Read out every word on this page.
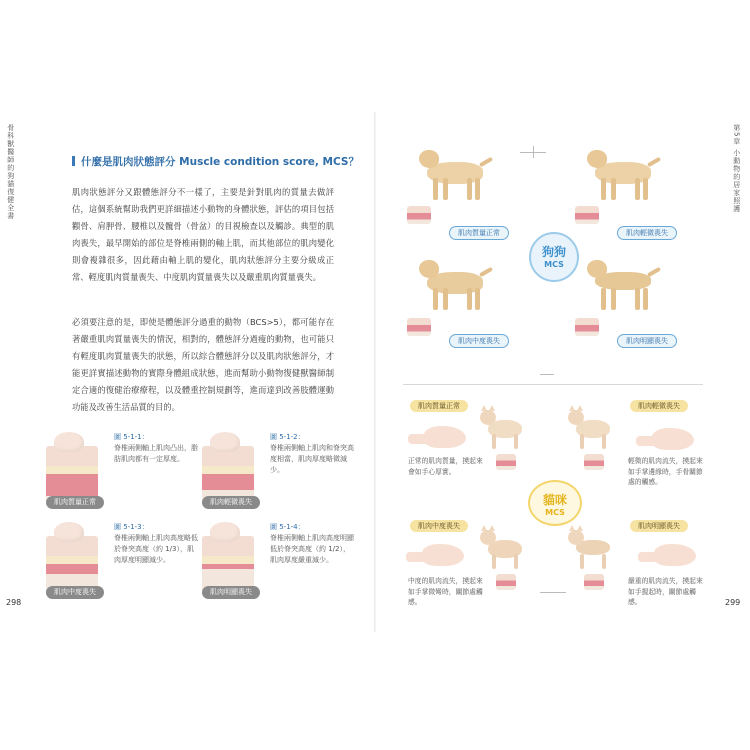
骨科獸醫師的狗貓復健全書
298
什麼是肌肉狀態評分 Muscle condition score, MCS？
肌肉狀態評分又跟體態評分不一樣了，主要是針對肌肉的質量去做評估，這個系統幫助我們更詳細描述小動物的身體狀態，評估的項目包括顴骨、肩胛骨、腰椎以及髖骨（骨盆）的目視檢查以及觸診。典型的肌肉喪失，最早開始的部位是脊椎兩側的軸上肌，而其他部位的肌肉變化則會複雜很多，因此藉由軸上肌的變化，肌肉狀態評分主要分級成正常、輕度肌肉質量喪失、中度肌肉質量喪失以及嚴重肌肉質量喪失。
必須要注意的是，即使是體態評分過重的動物（BCS>5），都可能存在著嚴重肌肉質量喪失的情況，相對的，體態評分過瘦的動物，也可能只有輕度肌肉質量喪失的狀態，所以綜合體態評分以及肌肉狀態評分，才能更詳實描述動物的實際身體組成狀態，進而幫助小動物復健獸醫師制定合適的復健治療療程，以及體重控制規劃等，進而達到改善肢體運動功能及改善生活品質的目的。
圖 5-1-1：
脊椎兩側軸上肌肉凸出，脂肪肌肉都有一定厚度。
肌肉質量正常
圖 5-1-2：
脊椎兩側軸上肌肉和脊突高度相當，肌肉厚度略微減少。
肌肉輕微喪失
圖 5-1-3：
脊椎兩側軸上肌肉高度略低於脊突高度（約 1/3），肌肉厚度明顯減少。
肌肉中度喪失
圖 5-1-4：
脊椎兩側軸上肌肉高度明顯低於脊突高度（約 1/2），肌肉厚度嚴重減少。
肌肉明顯喪失
第5章 小動物的居家照護
299
肌肉質量正常	肌肉輕微喪失
狗狗
MCS
肌肉中度喪失	肌肉明顯喪失
肌肉質量正常	肌肉輕微喪失
正常的肌肉質量，摸起來會如手心厚實。
輕微的肌肉流失，摸起來如手掌邊緣時，手骨關節處的觸感。
貓咪
MCS
肌肉中度喪失	肌肉明顯喪失
中度的肌肉流失，摸起來如手掌微彎時，關節處觸感。
嚴重的肌肉流失，摸起來如手握起時，關節處觸感。
